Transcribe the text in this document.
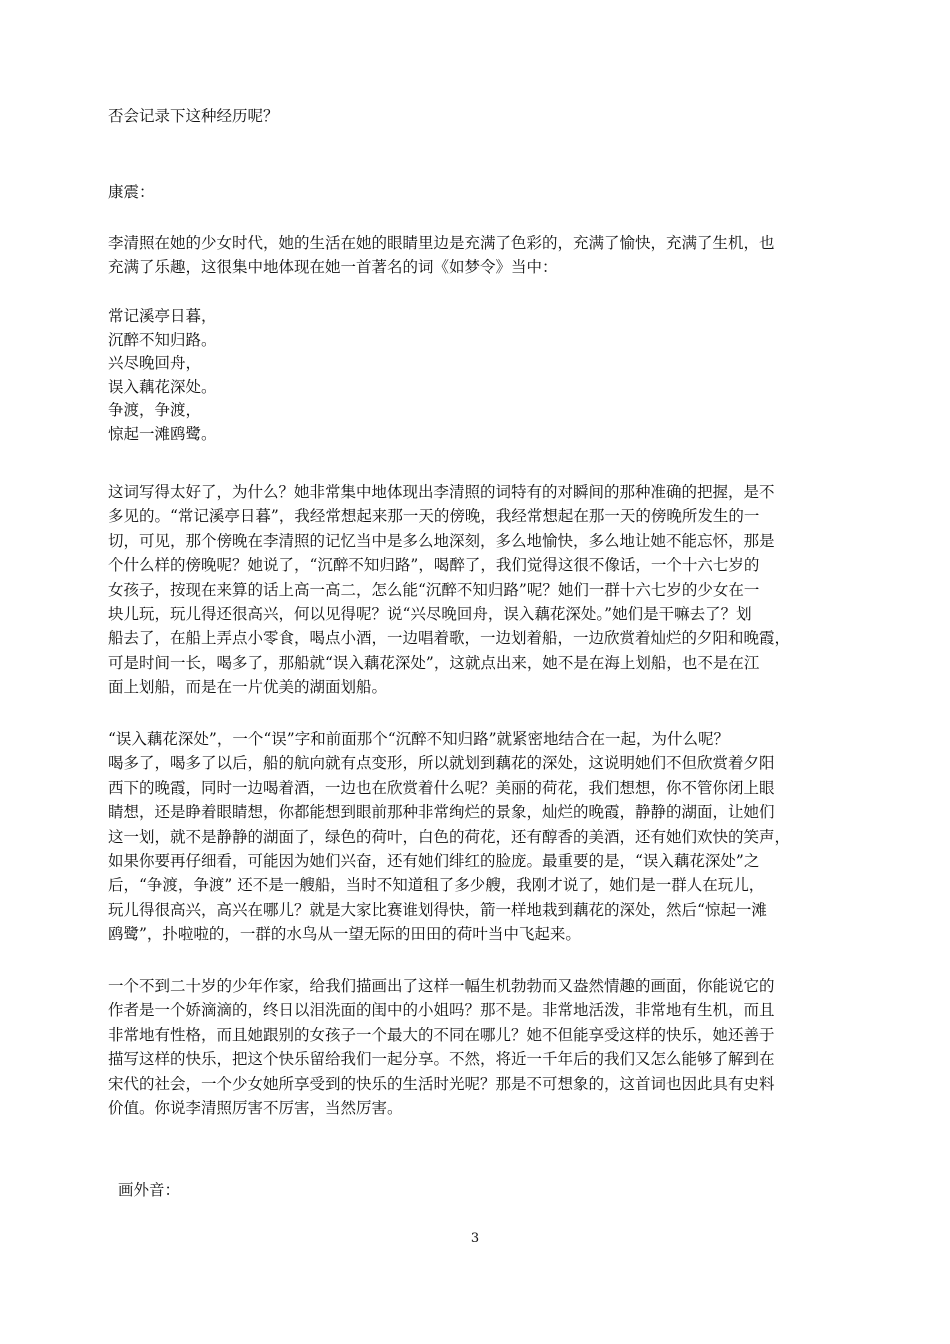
否会记录下这种经历呢？
康震：
李清照在她的少女时代，她的生活在她的眼睛里边是充满了色彩的，充满了愉快，充满了生机，也
充满了乐趣，这很集中地体现在她一首著名的词《如梦令》当中：
常记溪亭日暮，
沉醉不知归路。
兴尽晚回舟，
误入藕花深处。
争渡，争渡，
惊起一滩鸥鹭。
这词写得太好了，为什么？她非常集中地体现出李清照的词特有的对瞬间的那种准确的把握，是不
多见的。“常记溪亭日暮”，我经常想起来那一天的傍晚，我经常想起在那一天的傍晚所发生的一
切，可见，那个傍晚在李清照的记忆当中是多么地深刻，多么地愉快，多么地让她不能忘怀，那是
个什么样的傍晚呢？她说了，“沉醉不知归路”，喝醉了，我们觉得这很不像话，一个十六七岁的
女孩子，按现在来算的话上高一高二，怎么能“沉醉不知归路”呢？她们一群十六七岁的少女在一
块儿玩，玩儿得还很高兴，何以见得呢？说“兴尽晚回舟，误入藕花深处。”她们是干嘛去了？划
船去了，在船上弄点小零食，喝点小酒，一边唱着歌，一边划着船，一边欣赏着灿烂的夕阳和晚霞，
可是时间一长，喝多了，那船就“误入藕花深处”，这就点出来，她不是在海上划船，也不是在江
面上划船，而是在一片优美的湖面划船。
“误入藕花深处”，一个“误”字和前面那个“沉醉不知归路”就紧密地结合在一起，为什么呢？
喝多了，喝多了以后，船的航向就有点变形，所以就划到藕花的深处，这说明她们不但欣赏着夕阳
西下的晚霞，同时一边喝着酒，一边也在欣赏着什么呢？美丽的荷花，我们想想，你不管你闭上眼
睛想，还是睁着眼睛想，你都能想到眼前那种非常绚烂的景象，灿烂的晚霞，静静的湖面，让她们
这一划，就不是静静的湖面了，绿色的荷叶，白色的荷花，还有醇香的美酒，还有她们欢快的笑声，
如果你要再仔细看，可能因为她们兴奋，还有她们绯红的脸庞。最重要的是，“误入藕花深处”之
后，“争渡，争渡” 还不是一艘船，当时不知道租了多少艘，我刚才说了，她们是一群人在玩儿，
玩儿得很高兴，高兴在哪儿？就是大家比赛谁划得快，箭一样地栽到藕花的深处，然后“惊起一滩
鸥鹭”，扑啦啦的，一群的水鸟从一望无际的田田的荷叶当中飞起来。
一个不到二十岁的少年作家，给我们描画出了这样一幅生机勃勃而又盎然情趣的画面，你能说它的
作者是一个娇滴滴的，终日以泪洗面的闺中的小姐吗？那不是。非常地活泼，非常地有生机，而且
非常地有性格，而且她跟别的女孩子一个最大的不同在哪儿？她不但能享受这样的快乐，她还善于
描写这样的快乐，把这个快乐留给我们一起分享。不然，将近一千年后的我们又怎么能够了解到在
宋代的社会，一个少女她所享受到的快乐的生活时光呢？那是不可想象的，这首词也因此具有史料
价值。你说李清照厉害不厉害，当然厉害。
画外音：
3
